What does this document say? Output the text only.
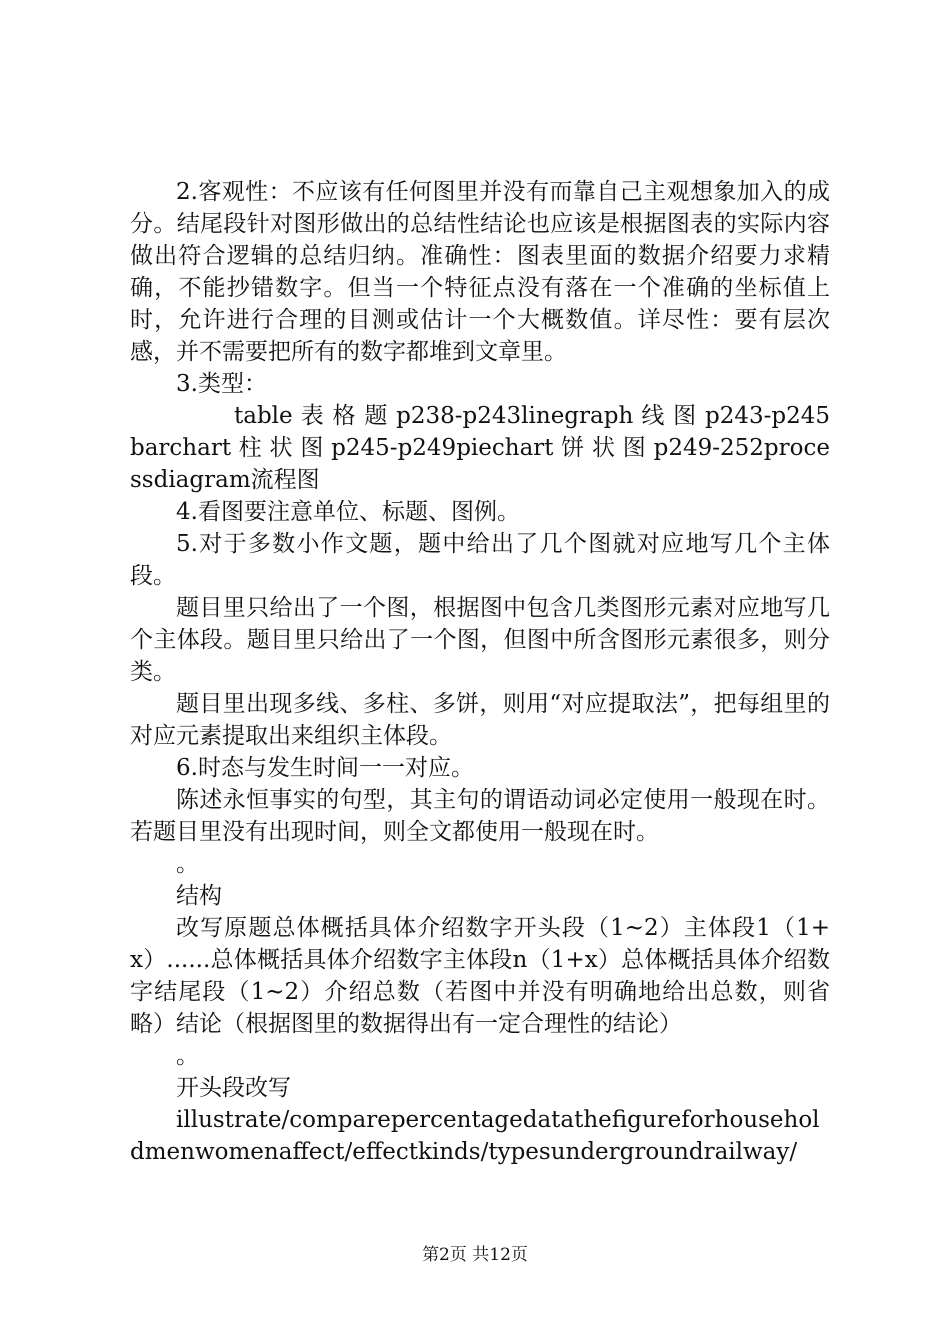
2.客观性：不应该有任何图里并没有而靠自己主观想象加入的成分。结尾段针对图形做出的总结性结论也应该是根据图表的实际内容做出符合逻辑的总结归纳。准确性：图表里面的数据介绍要力求精确，不能抄错数字。但当一个特征点没有落在一个准确的坐标值上时，允许进行合理的目测或估计一个大概数值。详尽性：要有层次感，并不需要把所有的数字都堆到文章里。

3.类型：

table 表 格 题 p238-p243linegraph 线 图 p243-p245barchart 柱 状 图 p245-p249piechart 饼 状 图 p249-252processdiagram流程图

4.看图要注意单位、标题、图例。

5.对于多数小作文题，题中给出了几个图就对应地写几个主体段。

题目里只给出了一个图，根据图中包含几类图形元素对应地写几个主体段。题目里只给出了一个图，但图中所含图形元素很多，则分类。

题目里出现多线、多柱、多饼，则用“对应提取法”，把每组里的对应元素提取出来组织主体段。

6.时态与发生时间一一对应。

陈述永恒事实的句型，其主句的谓语动词必定使用一般现在时。若题目里没有出现时间，则全文都使用一般现在时。

。

结构

改写原题总体概括具体介绍数字开头段（1~2）主体段1（1+x）......总体概括具体介绍数字主体段n（1+x）总体概括具体介绍数字结尾段（1~2）介绍总数（若图中并没有明确地给出总数，则省略）结论（根据图里的数据得出有一定合理性的结论）

。

开头段改写

illustrate/comparepercentagedatathefigureforhouseholdmenwomenaffect/effectkinds/typesundergroundrailway/

第2页 共12页
